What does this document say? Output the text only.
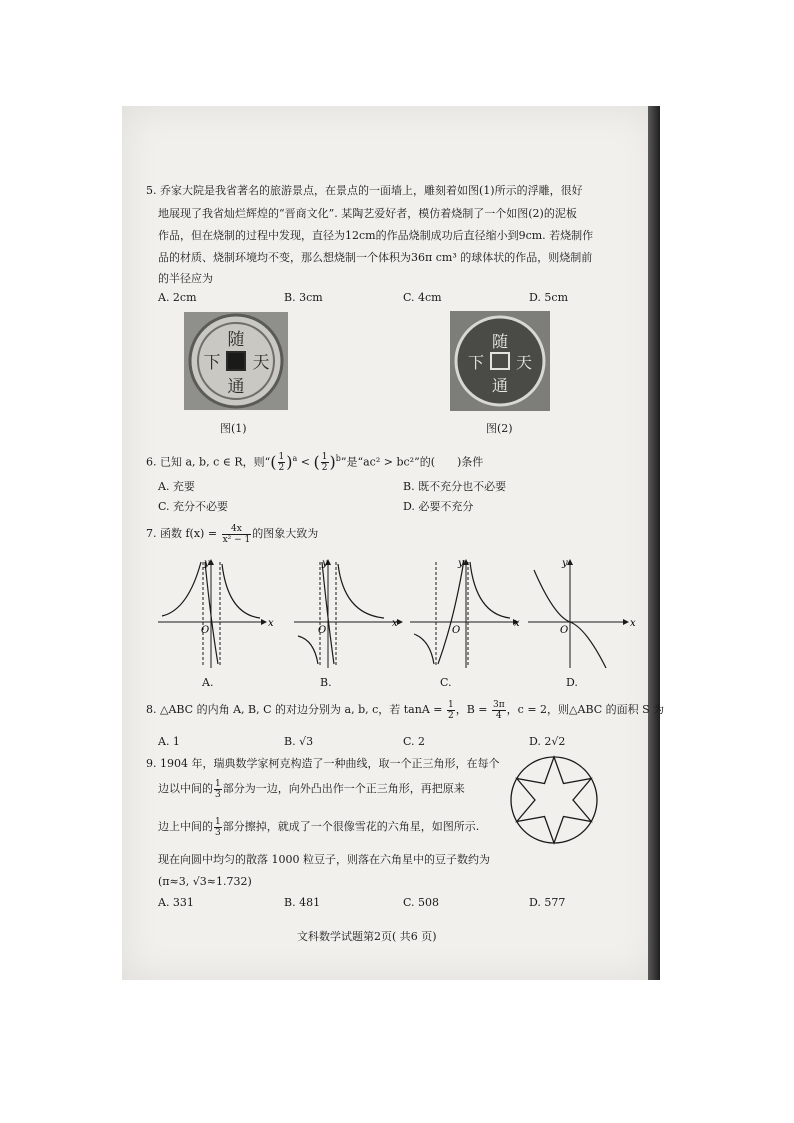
5. 乔家大院是我省著名的旅游景点，在景点的一面墙上，雕刻着如图(1)所示的浮雕，很好
地展现了我省灿烂辉煌的“晋商文化”. 某陶艺爱好者，模仿着烧制了一个如图(2)的泥板
作品，但在烧制的过程中发现，直径为12cm的作品烧制成功后直径缩小到9cm. 若烧制作
品的材质、烧制环境均不变，那么想烧制一个体积为36π cm³ 的球体状的作品，则烧制前
的半径应为
A. 2cm	B. 3cm	C. 4cm	D. 5cm
随
下 天
通
图(1)
随
下 天
通
图(2)
6. 已知 a, b, c ∈ R，则“( $\frac{1}{2} )^a$ < ( $\frac{1}{2} )^b$”是“ac² > bc²”的(　　)条件
A. 充要	B. 既不充分也不必要
C. 充分不必要	D. 必要不充分
7. 函数 $f(x) = \frac{4x}{\text{x² − 1}}$ 的图象大致为
x
y
O
x
y
O
x
y
O
x
y
O
A.	B.	C.	D.
8. △ABC 的内角 A, B, C 的对边分别为 a, b, c，若 $\tan A = \frac{1}{2}$ ，$B = \frac{3\pi}{4}$ ，c = 2，则△ABC 的面积 S 为
A. 1	B. √3	C. 2	D. 2√2
9. 1904 年，瑞典数学家柯克构造了一种曲线，取一个正三角形，在每个
边以中间的 $\frac{1}{3}$ 部分为一边，向外凸出作一个正三角形，再把原来
边上中间的 $\frac{1}{3}$ 部分擦掉，就成了一个很像雪花的六角星，如图所示.
现在向圆中均匀的散落 1000 粒豆子，则落在六角星中的豆子数约为
(π≈3, √3≈1.732)
A. 331	B. 481	C. 508	D. 577
文科数学试题第2页( 共6 页)
